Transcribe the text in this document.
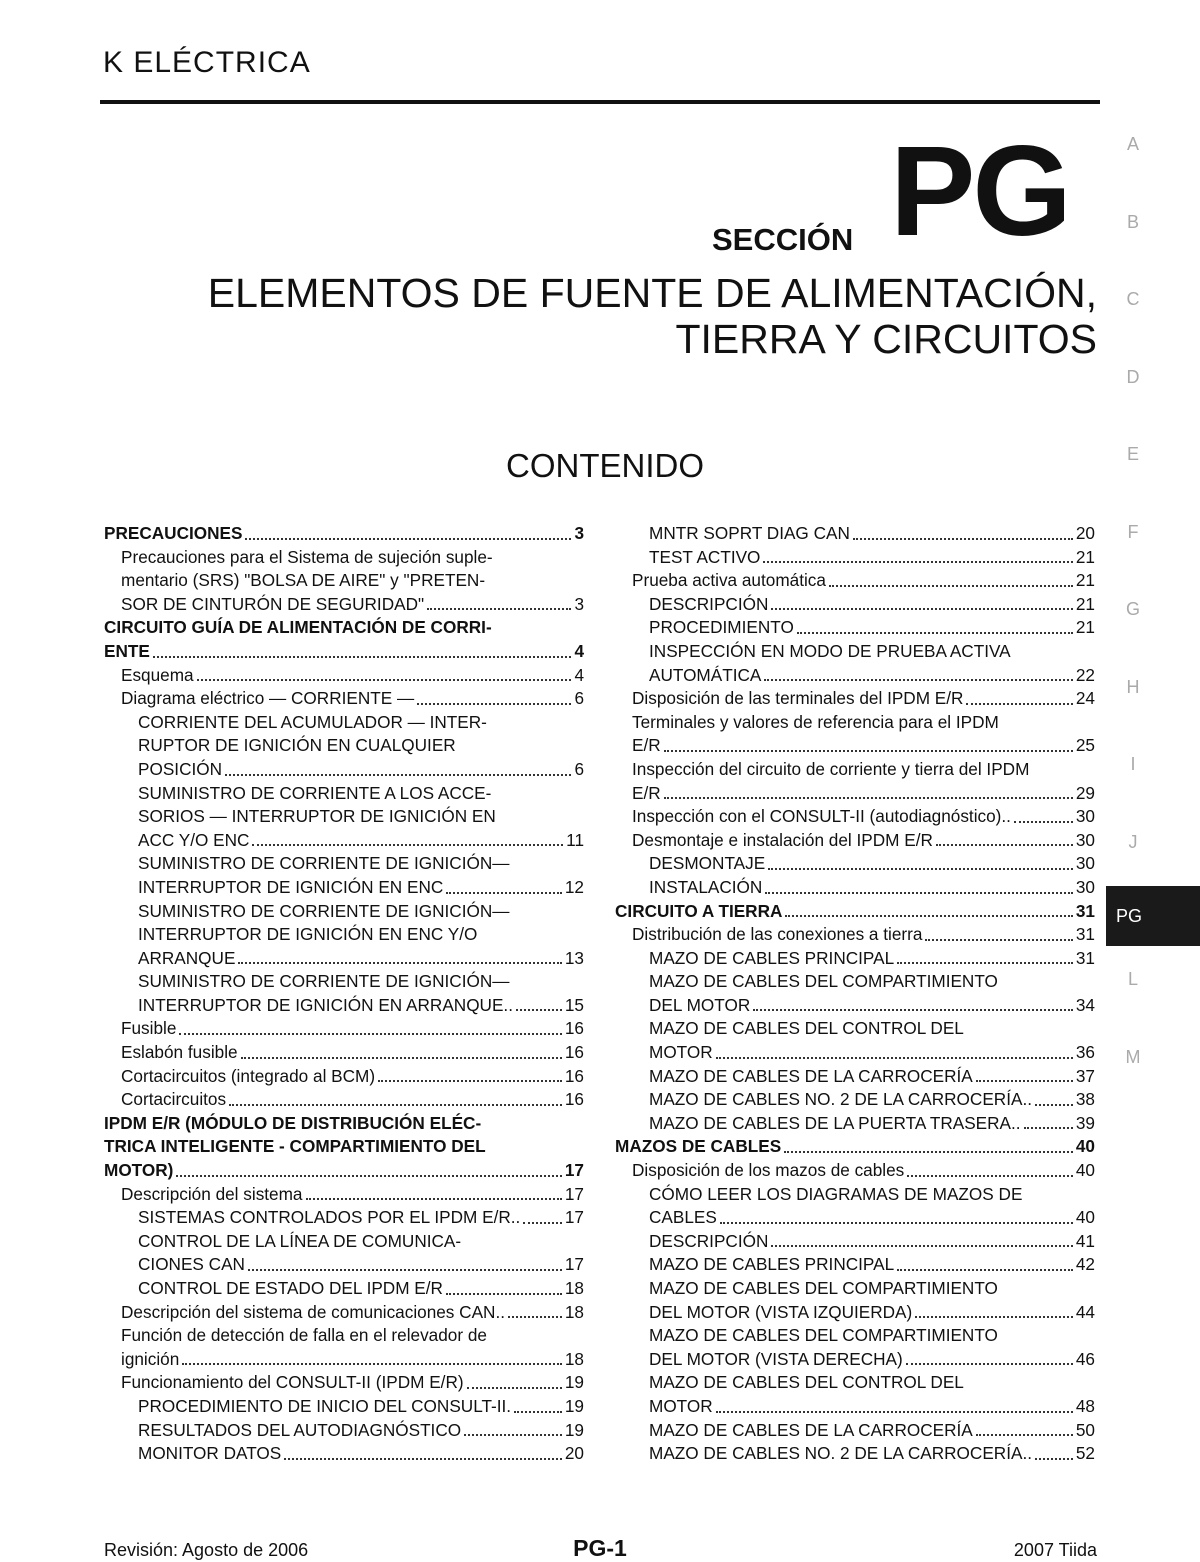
K ELÉCTRICA
SECCIÓN PG
ELEMENTOS DE FUENTE DE ALIMENTACIÓN,
TIERRA Y CIRCUITOS
CONTENIDO
PRECAUCIONES	3
Precauciones para el Sistema de sujeción suple-
mentario (SRS) "BOLSA DE AIRE" y "PRETEN-
SOR DE CINTURÓN DE SEGURIDAD"	3
CIRCUITO GUÍA DE ALIMENTACIÓN DE CORRI-
ENTE	4
Esquema	4
Diagrama eléctrico — CORRIENTE —	6
CORRIENTE DEL ACUMULADOR — INTER-
RUPTOR DE IGNICIÓN EN CUALQUIER
POSICIÓN	6
SUMINISTRO DE CORRIENTE A LOS ACCE-
SORIOS — INTERRUPTOR DE IGNICIÓN EN
ACC Y/O ENC	11
SUMINISTRO DE CORRIENTE DE IGNICIÓN—
INTERRUPTOR DE IGNICIÓN EN ENC	12
SUMINISTRO DE CORRIENTE DE IGNICIÓN—
INTERRUPTOR DE IGNICIÓN EN ENC Y/O
ARRANQUE	13
SUMINISTRO DE CORRIENTE DE IGNICIÓN—
INTERRUPTOR DE IGNICIÓN EN ARRANQUE..	15
Fusible	16
Eslabón fusible	16
Cortacircuitos (integrado al BCM)	16
Cortacircuitos	16
IPDM E/R (MÓDULO DE DISTRIBUCIÓN ELÉC-
TRICA INTELIGENTE - COMPARTIMIENTO DEL
MOTOR)	17
Descripción del sistema	17
SISTEMAS CONTROLADOS POR EL IPDM E/R..	17
CONTROL DE LA LÍNEA DE COMUNICA-
CIONES CAN	17
CONTROL DE ESTADO DEL IPDM E/R	18
Descripción del sistema de comunicaciones CAN..	18
Función de detección de falla en el relevador de
ignición	18
Funcionamiento del CONSULT-II (IPDM E/R)	19
PROCEDIMIENTO DE INICIO DEL CONSULT-II.	19
RESULTADOS DEL AUTODIAGNÓSTICO	19
MONITOR DATOS	20
MNTR SOPRT DIAG CAN	20
TEST ACTIVO	21
Prueba activa automática	21
DESCRIPCIÓN	21
PROCEDIMIENTO	21
INSPECCIÓN EN MODO DE PRUEBA ACTIVA
AUTOMÁTICA	22
Disposición de las terminales del IPDM E/R	24
Terminales y valores de referencia para el IPDM
E/R	25
Inspección del circuito de corriente y tierra del IPDM
E/R	29
Inspección con el CONSULT-II (autodiagnóstico)..	30
Desmontaje e instalación del IPDM E/R	30
DESMONTAJE	30
INSTALACIÓN	30
CIRCUITO A TIERRA	31
Distribución de las conexiones a tierra	31
MAZO DE CABLES PRINCIPAL	31
MAZO DE CABLES DEL COMPARTIMIENTO
DEL MOTOR	34
MAZO DE CABLES DEL CONTROL DEL
MOTOR	36
MAZO DE CABLES DE LA CARROCERÍA	37
MAZO DE CABLES NO. 2 DE LA CARROCERÍA..	38
MAZO DE CABLES DE LA PUERTA TRASERA..	39
MAZOS DE CABLES	40
Disposición de los mazos de cables	40
CÓMO LEER LOS DIAGRAMAS DE MAZOS DE
CABLES	40
DESCRIPCIÓN	41
MAZO DE CABLES PRINCIPAL	42
MAZO DE CABLES DEL COMPARTIMIENTO
DEL MOTOR (VISTA IZQUIERDA)	44
MAZO DE CABLES DEL COMPARTIMIENTO
DEL MOTOR (VISTA DERECHA)	46
MAZO DE CABLES DEL CONTROL DEL
MOTOR	48
MAZO DE CABLES DE LA CARROCERÍA	50
MAZO DE CABLES NO. 2 DE LA CARROCERÍA..	52
A
B
C
D
E
F
G
H
I
J
PG
L
M
Revisión: Agosto de 2006	PG-1	2007 Tiida
